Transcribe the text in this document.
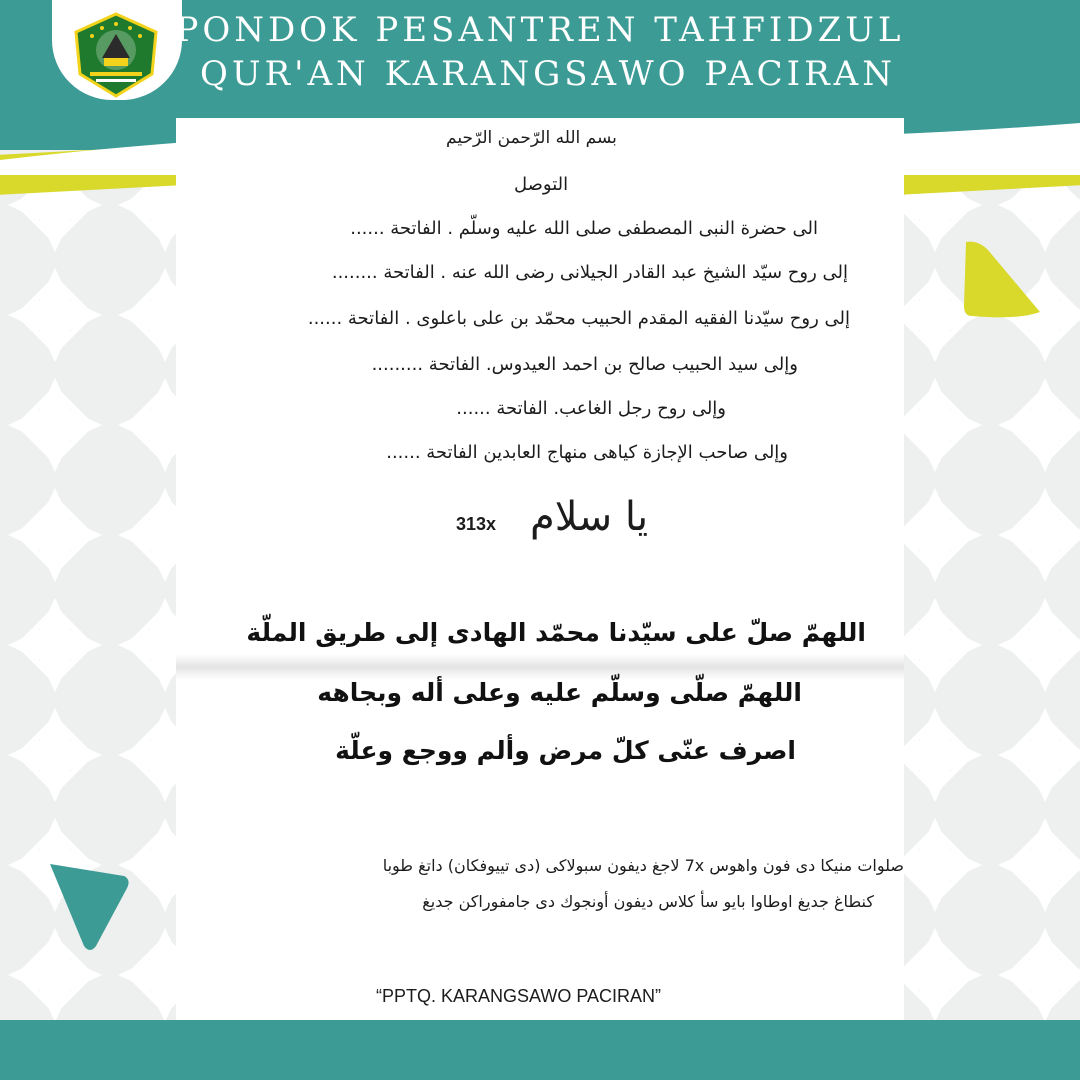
PONDOK PESANTREN TAHFIDZUL
QUR'AN KARANGSAWO PACIRAN
بسم الله الرّحمن الرّحيم
التوصل
الى حضرة النبى المصطفى صلى الله عليه وسلّم . الفاتحة ......
إلى روح سيّد الشيخ عبد القادر الجيلانى رضى الله عنه . الفاتحة ........
إلى روح سيّدنا الفقيه المقدم الحبيب محمّد بن على باعلوى . الفاتحة ......
وإلى سيد الحبيب صالح بن احمد العيدوس. الفاتحة .........
وإلى روح رجل الغاعب. الفاتحة ......
وإلى صاحب الإجازة كياهى منهاج العابدين الفاتحة ......
يا سلام
313x
اللهمّ صلّ على سيّدنا محمّد الهادى إلى طريق الملّة
اللهمّ صلّى وسلّم عليه وعلى أله وبجاهه
اصرف عنّى كلّ مرض وألم ووجع وعلّة
صلوات منيكا دى فون واهوس 7x لاجغ ديفون سبولاكى (دى تييوفكان) داتغ طوبا
كنطاغ جديغ اوطاوا بايو سأ كلاس ديفون أونجوك دى جامفوراكن جديغ
“PPTQ. KARANGSAWO PACIRAN”
